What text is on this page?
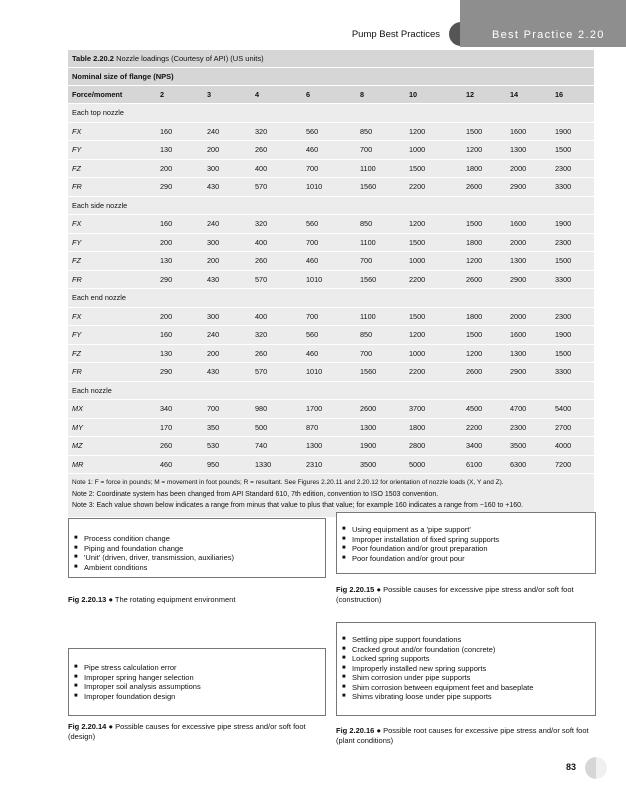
Pump Best Practices	Best Practice 2.20
Table 2.20.2 Nozzle loadings (Courtesy of API) (US units)
Nominal size of flange (NPS)
Force/moment	2	3	4	6	8	10	12	14	16
Each top nozzle									
FX	160	240	320	560	850	1200	1500	1600	1900
FY	130	200	260	460	700	1000	1200	1300	1500
FZ	200	300	400	700	1100	1500	1800	2000	2300
FR	290	430	570	1010	1560	2200	2600	2900	3300
Each side nozzle									
FX	160	240	320	560	850	1200	1500	1600	1900
FY	200	300	400	700	1100	1500	1800	2000	2300
FZ	130	200	260	460	700	1000	1200	1300	1500
FR	290	430	570	1010	1560	2200	2600	2900	3300
Each end nozzle									
FX	200	300	400	700	1100	1500	1800	2000	2300
FY	160	240	320	560	850	1200	1500	1600	1900
FZ	130	200	260	460	700	1000	1200	1300	1500
FR	290	430	570	1010	1560	2200	2600	2900	3300
Each nozzle									
MX	340	700	980	1700	2600	3700	4500	4700	5400
MY	170	350	500	870	1300	1800	2200	2300	2700
MZ	260	530	740	1300	1900	2800	3400	3500	4000
MR	460	950	1330	2310	3500	5000	6100	6300	7200
Note 1: F = force in pounds; M = movement in foot pounds; R = resultant. See Figures 2.20.11 and 2.20.12 for orientation of nozzle loads (X, Y and Z).
Note 2: Coordinate system has been changed from API Standard 610, 7th edition, convention to ISO 1503 convention.
Note 3: Each value shown below indicates a range from minus that value to plus that value; for example 160 indicates a range from −160 to +160.
■ Process condition change
■ Piping and foundation change
■ 'Unit' (driven, driver, transmission, auxiliaries)
■ Ambient conditions
Fig 2.20.13 ● The rotating equipment environment
■ Using equipment as a 'pipe support'
■ Improper installation of fixed spring supports
■ Poor foundation and/or grout preparation
■ Poor foundation and/or grout pour
Fig 2.20.15 ● Possible causes for excessive pipe stress and/or soft foot (construction)
■ Pipe stress calculation error
■ Improper spring hanger selection
■ Improper soil analysis assumptions
■ Improper foundation design
Fig 2.20.14 ● Possible causes for excessive pipe stress and/or soft foot (design)
■ Settling pipe support foundations
■ Cracked grout and/or foundation (concrete)
■ Locked spring supports
■ Improperly installed new spring supports
■ Shim corrosion under pipe supports
■ Shim corrosion between equipment feet and baseplate
■ Shims vibrating loose under pipe supports
Fig 2.20.16 ● Possible root causes for excessive pipe stress and/or soft foot (plant conditions)
83
